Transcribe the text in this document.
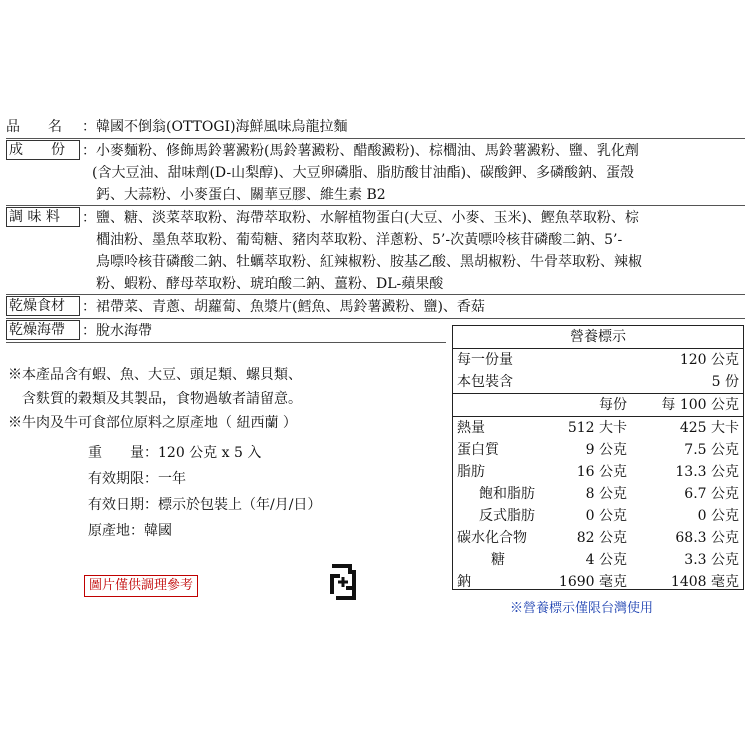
品　　名	： 韓國不倒翁(OTTOGI)海鮮風味烏龍拉麵
成　　份	： 小麥麵粉、修飾馬鈴薯澱粉(馬鈴薯澱粉、醋酸澱粉)、棕櫚油、馬鈴薯澱粉、鹽、乳化劑
(含大豆油、甜味劑(D-山梨醇)、大豆卵磷脂、脂肪酸甘油酯)、碳酸鉀、多磷酸鈉、蛋殼
鈣、大蒜粉、小麥蛋白、關華豆膠、維生素 B2
調 味 料	： 鹽、糖、淡菜萃取粉、海帶萃取粉、水解植物蛋白(大豆、小麥、玉米)、鰹魚萃取粉、棕
櫚油粉、墨魚萃取粉、葡萄糖、豬肉萃取粉、洋蔥粉、5’-次黃嘌呤核苷磷酸二鈉、5’-
鳥嘌呤核苷磷酸二鈉、牡蠣萃取粉、紅辣椒粉、胺基乙酸、黑胡椒粉、牛骨萃取粉、辣椒
粉、蝦粉、酵母萃取粉、琥珀酸二鈉、薑粉、DL-蘋果酸
乾燥食材	： 裙帶菜、青蔥、胡蘿蔔、魚漿片(鱈魚、馬鈴薯澱粉、鹽)、香菇
乾燥海帶	： 脫水海帶
※本產品含有蝦、魚、大豆、頭足類、螺貝類、
　含麩質的穀類及其製品，食物過敏者請留意。
※牛肉及牛可食部位原料之原產地（ 紐西蘭 ）
重　　量：120 公克 x 5 入
有效期限：一年
有效日期：標示於包裝上（年/月/日）
原產地：韓國
圖片僅供調理參考
營養標示
每一份量	120 公克
本包裝含	5 份
每份 每 100 公克
熱量	512 大卡	425 大卡
蛋白質	9 公克	7.5 公克
脂肪	16 公克	13.3 公克
飽和脂肪	8 公克	6.7 公克
反式脂肪	0 公克	0 公克
碳水化合物	82 公克	68.3 公克
糖	4 公克	3.3 公克
鈉	1690 毫克	1408 毫克
※營養標示僅限台灣使用
